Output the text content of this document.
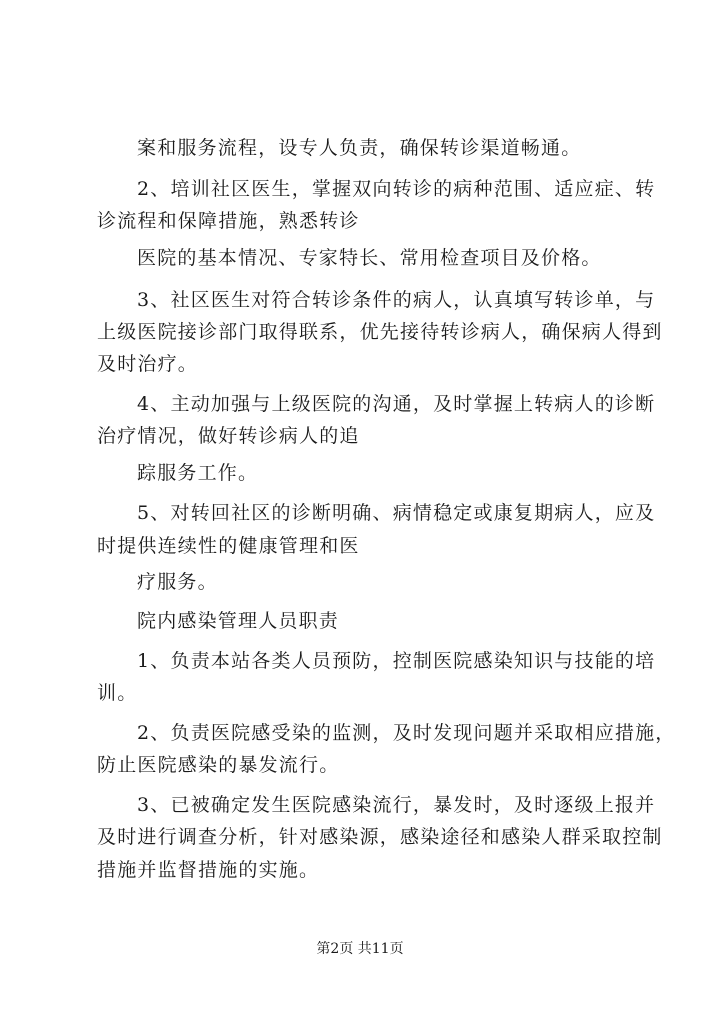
案和服务流程，设专人负责，确保转诊渠道畅通。
2、培训社区医生，掌握双向转诊的病种范围、适应症、转
诊流程和保障措施，熟悉转诊
医院的基本情况、专家特长、常用检查项目及价格。
3、社区医生对符合转诊条件的病人，认真填写转诊单，与
上级医院接诊部门取得联系，优先接待转诊病人，确保病人得到
及时治疗。
4、主动加强与上级医院的沟通，及时掌握上转病人的诊断
治疗情况，做好转诊病人的追
踪服务工作。
5、对转回社区的诊断明确、病情稳定或康复期病人，应及
时提供连续性的健康管理和医
疗服务。
院内感染管理人员职责
1、负责本站各类人员预防，控制医院感染知识与技能的培
训。
2、负责医院感受染的监测，及时发现问题并采取相应措施，
防止医院感染的暴发流行。
3、已被确定发生医院感染流行，暴发时，及时逐级上报并
及时进行调查分析，针对感染源，感染途径和感染人群采取控制
措施并监督措施的实施。
第2页 共11页
